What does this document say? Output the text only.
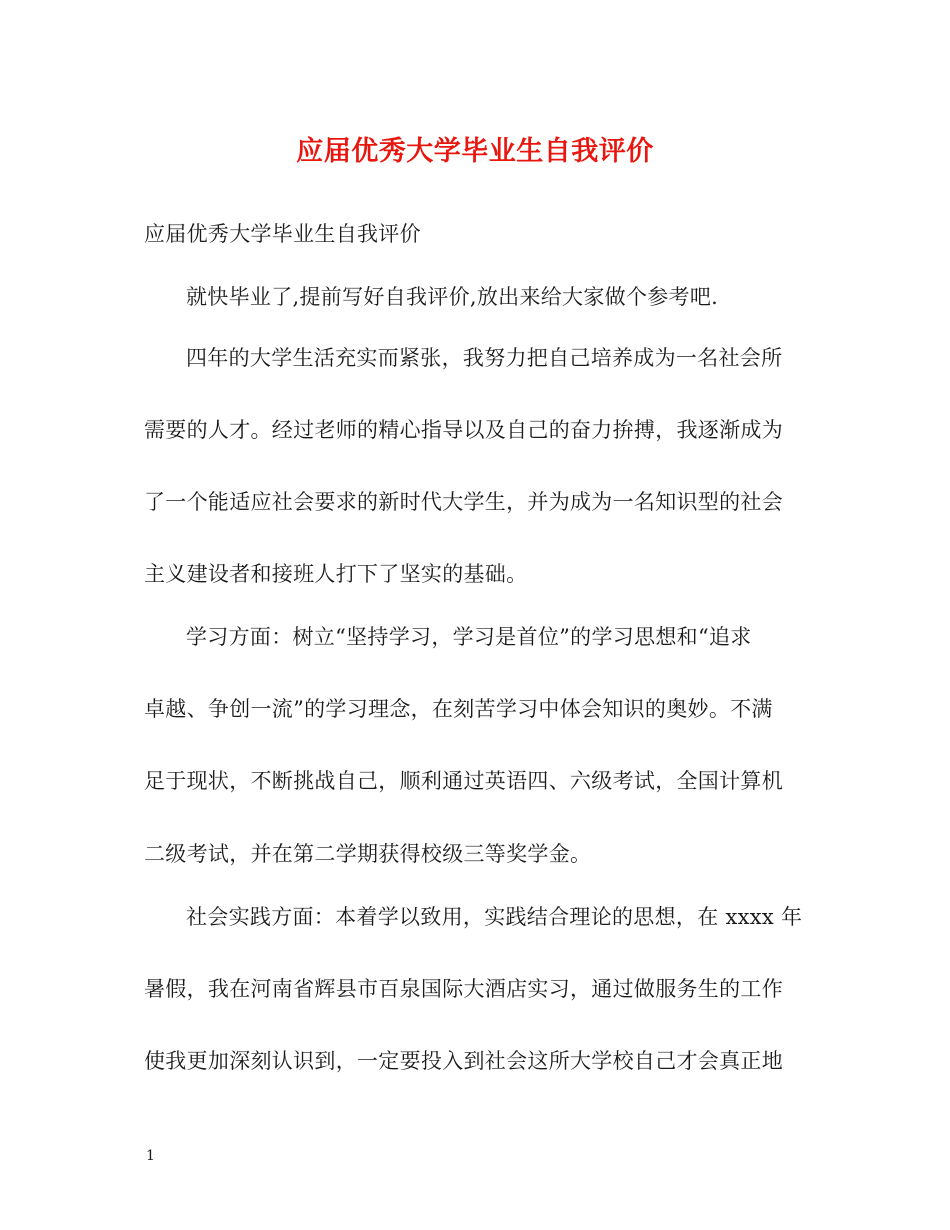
应届优秀大学毕业生自我评价
应届优秀大学毕业生自我评价
就快毕业了,提前写好自我评价,放出来给大家做个参考吧.
四年的大学生活充实而紧张，我努力把自己培养成为一名社会所
需要的人才。经过老师的精心指导以及自己的奋力拚搏，我逐渐成为
了一个能适应社会要求的新时代大学生，并为成为一名知识型的社会
主义建设者和接班人打下了坚实的基础。
学习方面：树立“坚持学习，学习是首位”的学习思想和“追求
卓越、争创一流”的学习理念，在刻苦学习中体会知识的奥妙。不满
足于现状，不断挑战自己，顺利通过英语四、六级考试，全国计算机
二级考试，并在第二学期获得校级三等奖学金。
社会实践方面：本着学以致用，实践结合理论的思想，在 xxxx 年
暑假，我在河南省辉县市百泉国际大酒店实习，通过做服务生的工作
使我更加深刻认识到，一定要投入到社会这所大学校自己才会真正地
1
